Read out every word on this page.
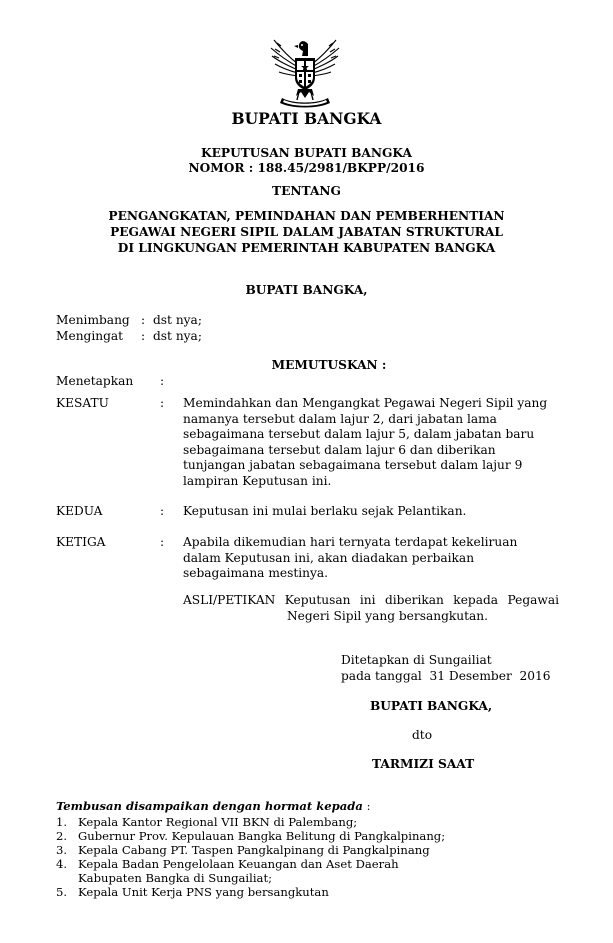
BUPATI BANGKA
KEPUTUSAN BUPATI BANGKA
NOMOR : 188.45/2981/BKPP/2016
TENTANG
PENGANGKATAN, PEMINDAHAN DAN PEMBERHENTIAN
PEGAWAI NEGERI SIPIL DALAM JABATAN STRUKTURAL
DI LINGKUNGAN PEMERINTAH KABUPATEN BANGKA
BUPATI BANGKA,
Menimbang : dst nya;
Mengingat : dst nya;
MEMUTUSKAN :
Menetapkan :
KESATU	: Memindahkan dan Mengangkat Pegawai Negeri Sipil yang
namanya tersebut dalam lajur 2, dari jabatan lama
sebagaimana tersebut dalam lajur 5, dalam jabatan baru
sebagaimana tersebut dalam lajur 6 dan diberikan
tunjangan jabatan sebagaimana tersebut dalam lajur 9
lampiran Keputusan ini.
KEDUA	: Keputusan ini mulai berlaku sejak Pelantikan.
KETIGA	: Apabila dikemudian hari ternyata terdapat kekeliruan
dalam Keputusan ini, akan diadakan perbaikan
sebagaimana mestinya.
ASLI/PETIKAN Keputusan ini diberikan kepada Pegawai
Negeri Sipil yang bersangkutan.
Ditetapkan di Sungailiat
pada tanggal  31 Desember  2016
BUPATI BANGKA,
dto
TARMIZI SAAT
Tembusan disampaikan dengan hormat kepada :
1. Kepala Kantor Regional VII BKN di Palembang;
2. Gubernur Prov. Kepulauan Bangka Belitung di Pangkalpinang;
3. Kepala Cabang PT. Taspen Pangkalpinang di Pangkalpinang
4. Kepala Badan Pengelolaan Keuangan dan Aset Daerah
Kabupaten Bangka di Sungailiat;
5. Kepala Unit Kerja PNS yang bersangkutan
